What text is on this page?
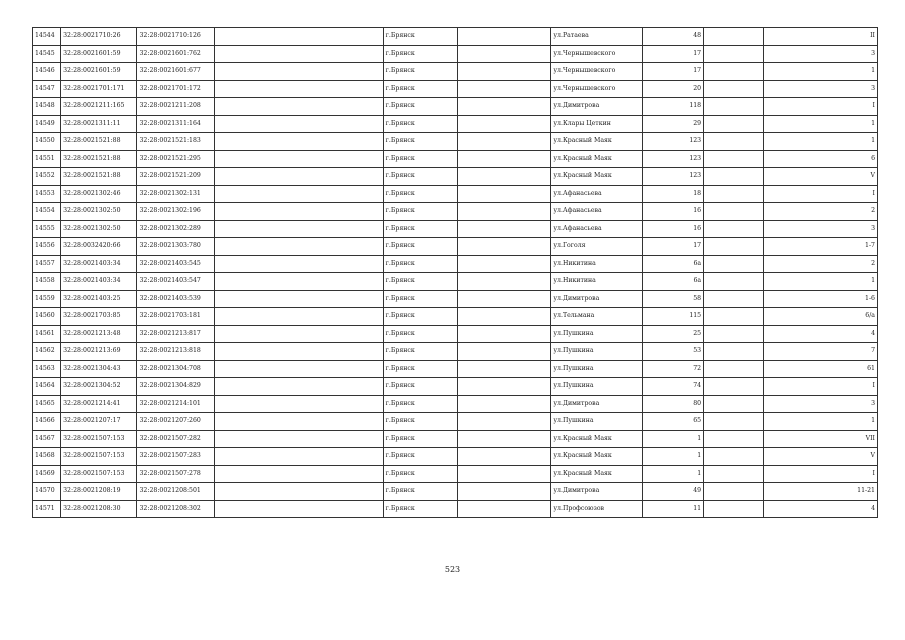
14544	32:28:0021710:26	32:28:0021710:126		г.Брянск		ул.Ратаева	48		II
14545	32:28:0021601:59	32:28:0021601:762		г.Брянск		ул.Чернышевского	17		3
14546	32:28:0021601:59	32:28:0021601:677		г.Брянск		ул.Чернышевского	17		1
14547	32:28:0021701:171	32:28:0021701:172		г.Брянск		ул.Чернышевского	20		3
14548	32:28:0021211:165	32:28:0021211:208		г.Брянск		ул.Димитрова	118		I
14549	32:28:0021311:11	32:28:0021311:164		г.Брянск		ул.Клары Цеткин	29		1
14550	32:28:0021521:88	32:28:0021521:183		г.Брянск		ул.Красный Маяк	123		1
14551	32:28:0021521:88	32:28:0021521:295		г.Брянск		ул.Красный Маяк	123		6
14552	32:28:0021521:88	32:28:0021521:209		г.Брянск		ул.Красный Маяк	123		V
14553	32:28:0021302:46	32:28:0021302:131		г.Брянск		ул.Афанасьева	18		I
14554	32:28:0021302:50	32:28:0021302:196		г.Брянск		ул.Афанасьева	16		2
14555	32:28:0021302:50	32:28:0021302:289		г.Брянск		ул.Афанасьева	16		3
14556	32:28:0032420:66	32:28:0021303:780		г.Брянск		ул.Гоголя	17		1-7
14557	32:28:0021403:34	32:28:0021403:545		г.Брянск		ул.Никитина	6а		2
14558	32:28:0021403:34	32:28:0021403:547		г.Брянск		ул.Никитина	6а		1
14559	32:28:0021403:25	32:28:0021403:539		г.Брянск		ул.Димитрова	58		1-6
14560	32:28:0021703:85	32:28:0021703:181		г.Брянск		ул.Тельмана	115		6/а
14561	32:28:0021213:48	32:28:0021213:817		г.Брянск		ул.Пушкина	25		4
14562	32:28:0021213:69	32:28:0021213:818		г.Брянск		ул.Пушкина	53		7
14563	32:28:0021304:43	32:28:0021304:708		г.Брянск		ул.Пушкина	72		61
14564	32:28:0021304:52	32:28:0021304:829		г.Брянск		ул.Пушкина	74		I
14565	32:28:0021214:41	32:28:0021214:101		г.Брянск		ул.Димитрова	80		3
14566	32:28:0021207:17	32:28:0021207:260		г.Брянск		ул.Пушкина	65		1
14567	32:28:0021507:153	32:28:0021507:282		г.Брянск		ул.Красный Маяк	1		VII
14568	32:28:0021507:153	32:28:0021507:283		г.Брянск		ул.Красный Маяк	1		V
14569	32:28:0021507:153	32:28:0021507:278		г.Брянск		ул.Красный Маяк	1		I
14570	32:28:0021208:19	32:28:0021208:501		г.Брянск		ул.Димитрова	49		11-21
14571	32:28:0021208:30	32:28:0021208:302		г.Брянск		ул.Профсоюзов	11		4
523
